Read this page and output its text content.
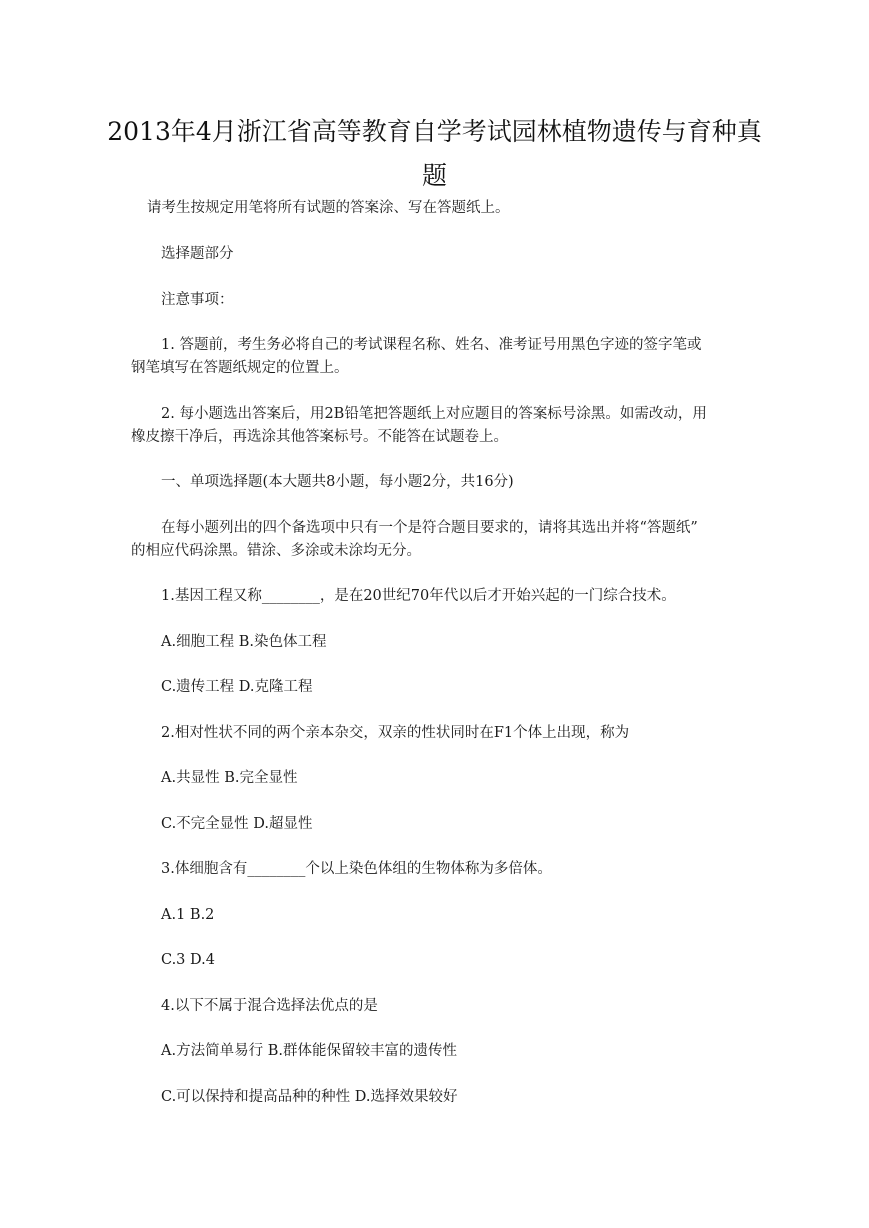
2013年4月浙江省高等教育自学考试园林植物遗传与育种真
题

请考生按规定用笔将所有试题的答案涂、写在答题纸上。

选择题部分

注意事项：

1. 答题前，考生务必将自己的考试课程名称、姓名、准考证号用黑色字迹的签字笔或

钢笔填写在答题纸规定的位置上。

2. 每小题选出答案后，用2B铅笔把答题纸上对应题目的答案标号涂黑。如需改动，用

橡皮擦干净后，再选涂其他答案标号。不能答在试题卷上。

一、单项选择题(本大题共8小题，每小题2分，共16分)

在每小题列出的四个备选项中只有一个是符合题目要求的，请将其选出并将“答题纸”

的相应代码涂黑。错涂、多涂或未涂均无分。

1.基因工程又称________，是在20世纪70年代以后才开始兴起的一门综合技术。

A.细胞工程 B.染色体工程

C.遗传工程 D.克隆工程

2.相对性状不同的两个亲本杂交，双亲的性状同时在F1个体上出现，称为

A.共显性 B.完全显性

C.不完全显性 D.超显性

3.体细胞含有________个以上染色体组的生物体称为多倍体。

A.1 B.2

C.3 D.4

4.以下不属于混合选择法优点的是

A.方法简单易行 B.群体能保留较丰富的遗传性

C.可以保持和提高品种的种性 D.选择效果较好
